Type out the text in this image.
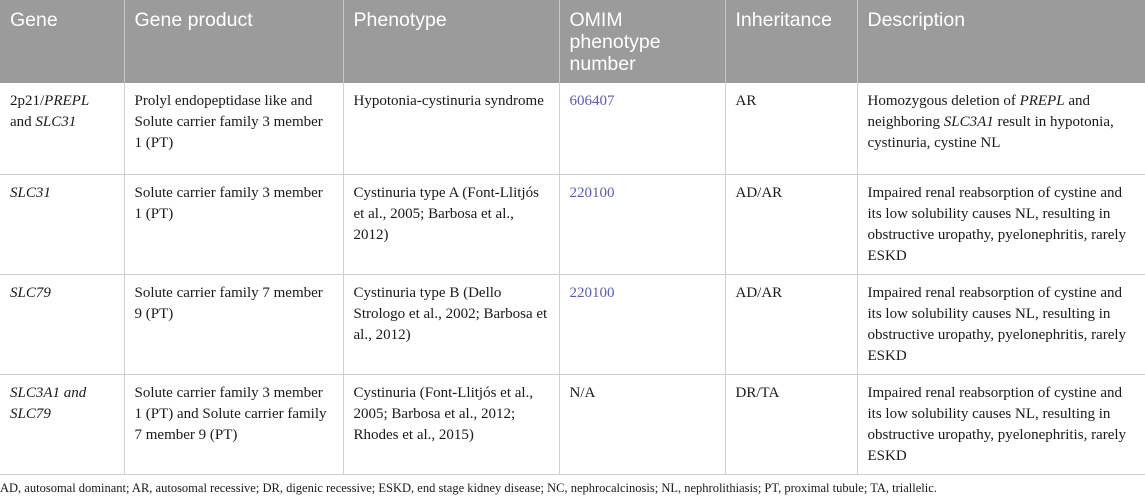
Gene	Gene product	Phenotype	OMIM phenotype number	Inheritance	Description
2p21/PREPL and SLC31	Prolyl endopeptidase like and Solute carrier family 3 member 1 (PT)	Hypotonia-cystinuria syndrome	606407	AR	Homozygous deletion of PREPL and neighboring SLC3A1 result in hypotonia, cystinuria, cystine NL
SLC31	Solute carrier family 3 member 1 (PT)	Cystinuria type A (Font-Llitjós et al., 2005; Barbosa et al., 2012)	220100	AD/AR	Impaired renal reabsorption of cystine and its low solubility causes NL, resulting in obstructive uropathy, pyelonephritis, rarely ESKD
SLC79	Solute carrier family 7 member 9 (PT)	Cystinuria type B (Dello Strologo et al., 2002; Barbosa et al., 2012)	220100	AD/AR	Impaired renal reabsorption of cystine and its low solubility causes NL, resulting in obstructive uropathy, pyelonephritis, rarely ESKD
SLC3A1 and SLC79	Solute carrier family 3 member 1 (PT) and Solute carrier family 7 member 9 (PT)	Cystinuria (Font-Llitjós et al., 2005; Barbosa et al., 2012; Rhodes et al., 2015)	N/A	DR/TA	Impaired renal reabsorption of cystine and its low solubility causes NL, resulting in obstructive uropathy, pyelonephritis, rarely ESKD
AD, autosomal dominant; AR, autosomal recessive; DR, digenic recessive; ESKD, end stage kidney disease; NC, nephrocalcinosis; NL, nephrolithiasis; PT, proximal tubule; TA, triallelic.
